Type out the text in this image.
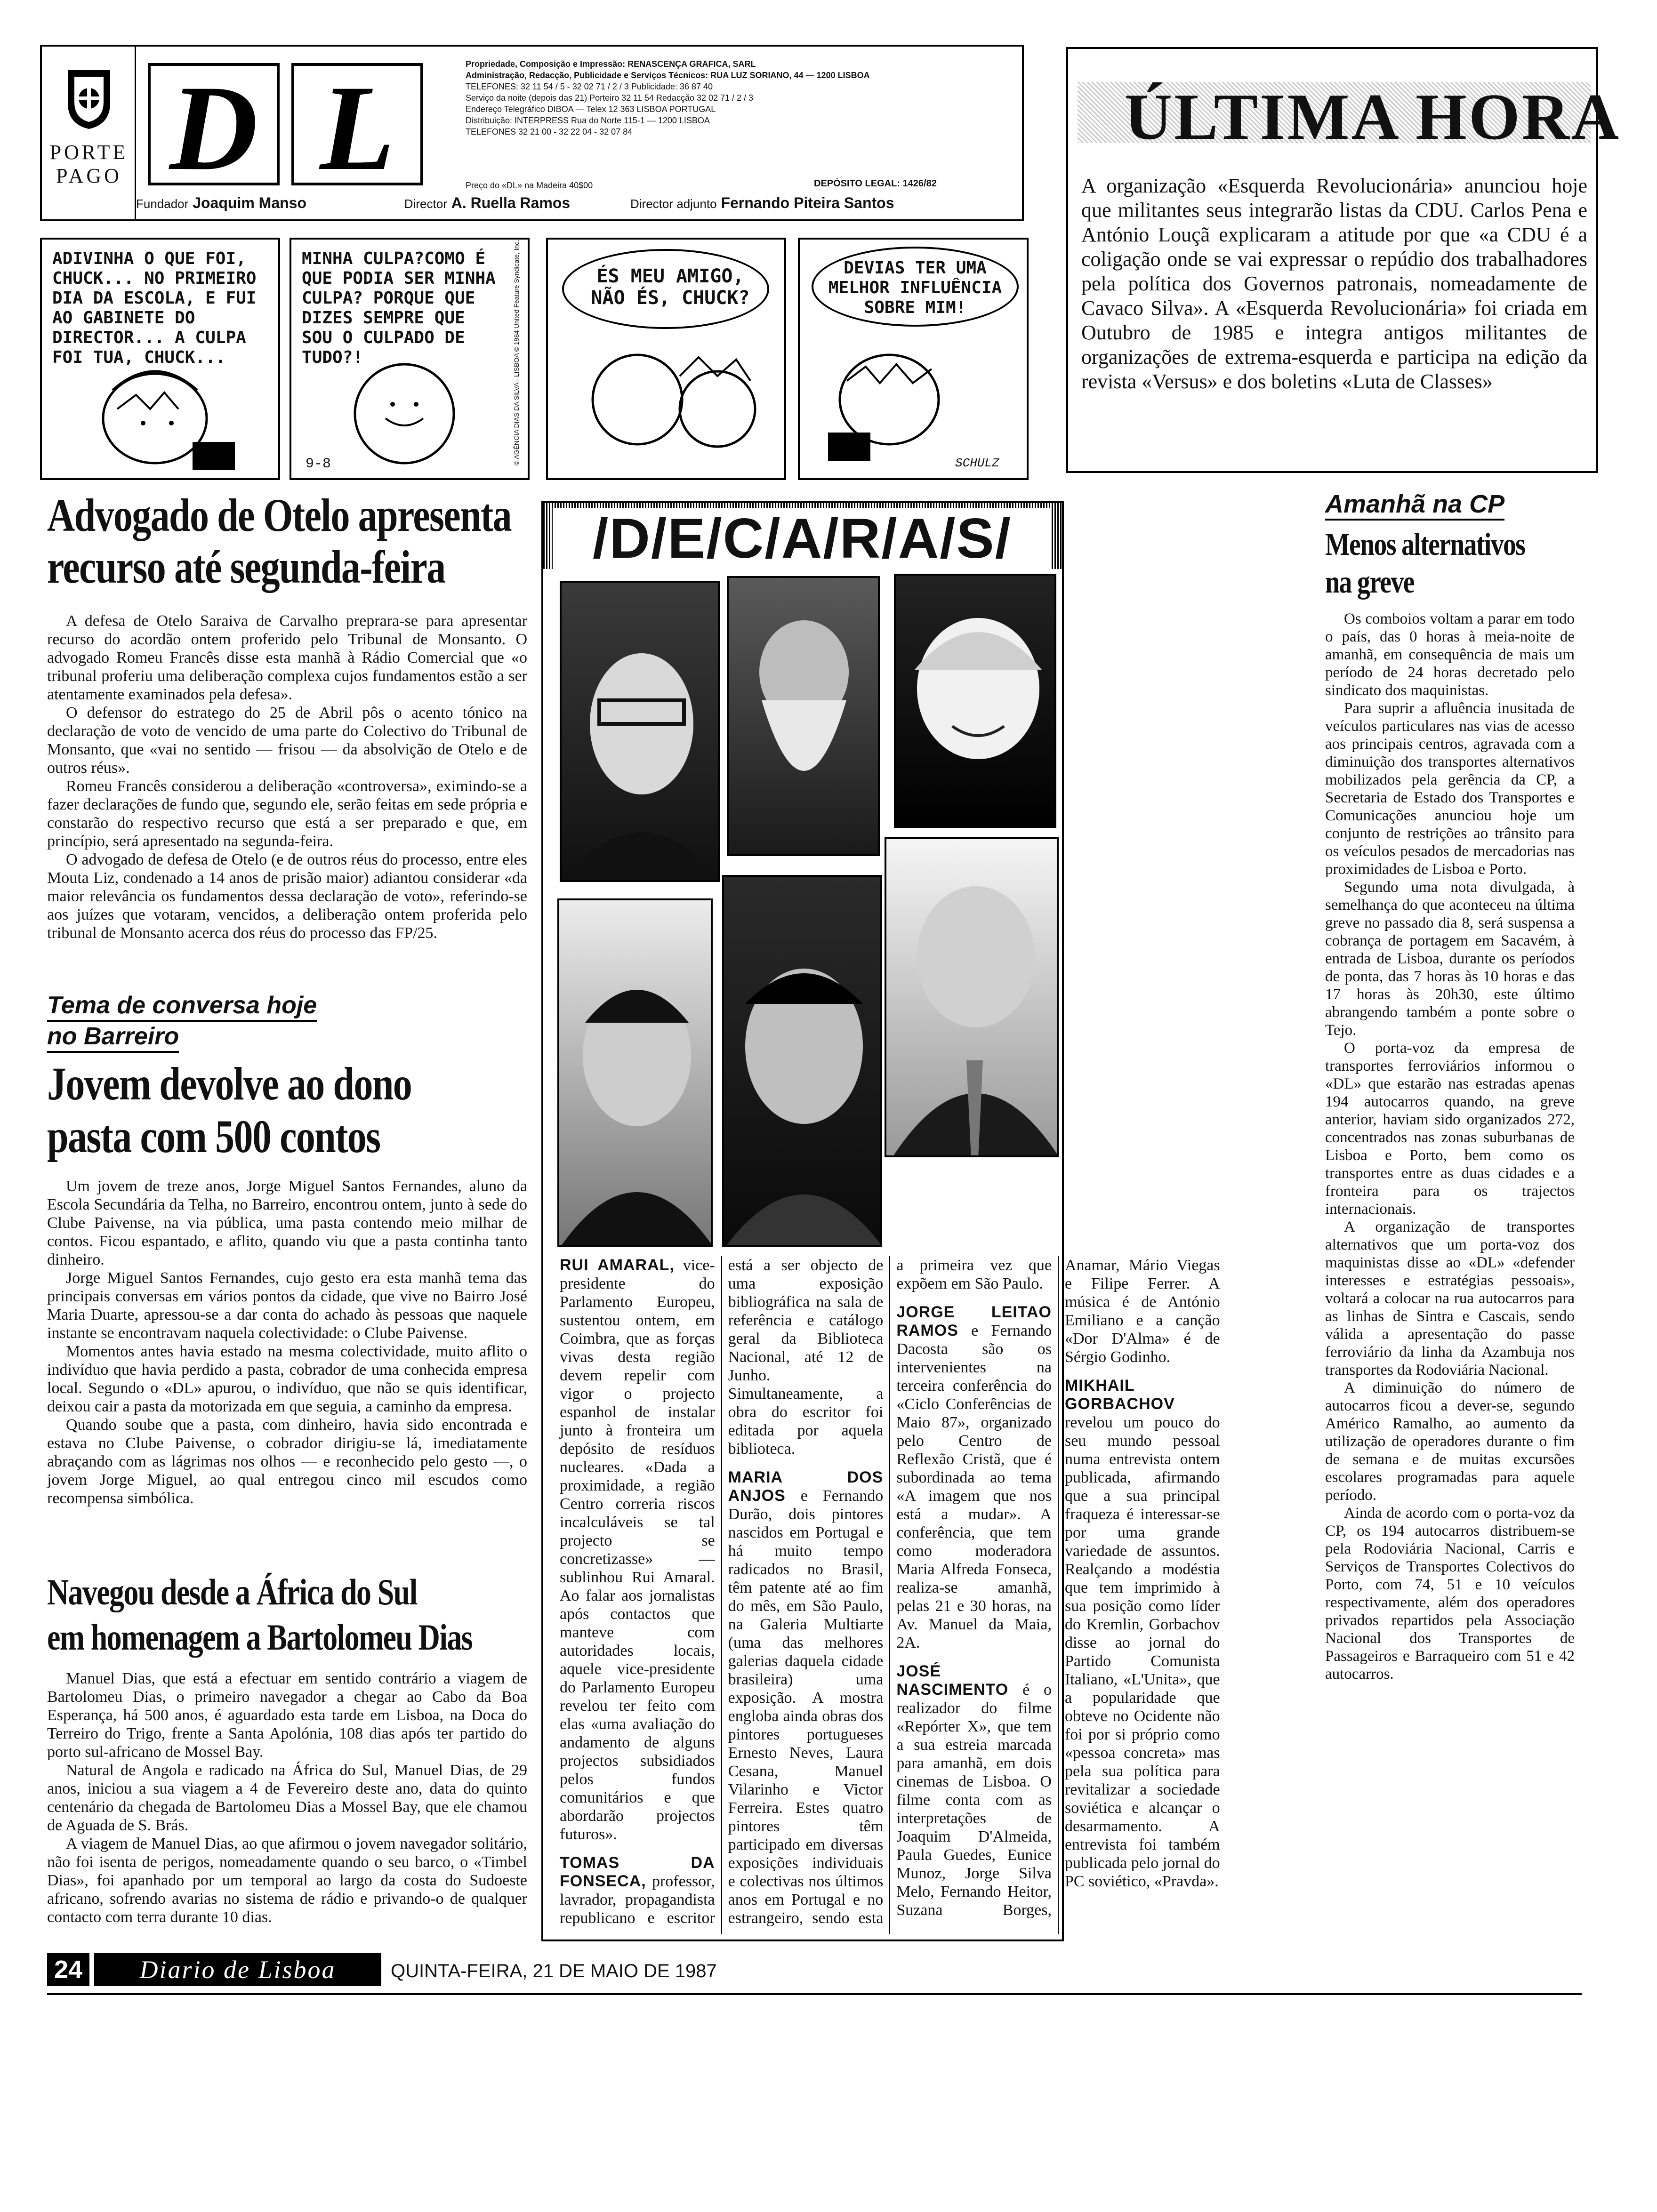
PORTE
PAGO D L	Propriedade, Composição e Impressão: RENASCENÇA GRAFICA, SARL
Administração, Redacção, Publicidade e Serviços Técnicos: RUA LUZ SORIANO, 44 — 1200 LISBOA
TELEFONES: 32 11 54 / 5 - 32 02 71 / 2 / 3 Publicidade: 36 87 40
Serviço da noite (depois das 21) Porteiro 32 11 54 Redacção 32 02 71 / 2 / 3
Endereço Telegráfico DIBOA — Telex 12 363 LISBOA PORTUGAL
Distribuição: INTERPRESS Rua do Norte 115-1 — 1200 LISBOA
TELEFONES 32 21 00 - 32 22 04 - 32 07 84
Preço do «DL» na Madeira 40$00	DEPÓSITO LEGAL: 1426/82
Fundador Joaquim Manso	Director A. Ruella Ramos	Director adjunto Fernando Piteira Santos
ÚLTIMA HORA
A organização «Esquerda Revolucionária» anunciou hoje que militantes seus integrarão listas da CDU. Carlos Pena e António Louçã explicaram a atitude por que «a CDU é a coligação onde se vai expressar o repúdio dos trabalhadores pela política dos Governos patronais, nomeadamente de Cavaco Silva». A «Esquerda Revolucionária» foi criada em Outubro de 1985 e integra antigos militantes de organizações de extrema-esquerda e participa na edição da revista «Versus» e dos boletins «Luta de Classes»
ADIVINHA O QUE FOI, CHUCK... NO PRIMEIRO DIA DA ESCOLA, E FUI AO GABINETE DO DIRECTOR... A CULPA FOI TUA, CHUCK...
MINHA CULPA?COMO É QUE PODIA SER MINHA CULPA? PORQUE QUE DIZES SEMPRE QUE SOU O CULPADO DE TUDO?!
9-8	© AGÊNCIA DIAS DA SILVA - LISBOA © 1984 United Feature Syndicate, Inc.	ÉS MEU AMIGO, NÃO ÉS, CHUCK?
DEVIAS TER UMA MELHOR INFLUÊNCIA SOBRE MIM!
SCHULZ
Advogado de Otelo apresenta
recurso até segunda-feira

A defesa de Otelo Saraiva de Carvalho preprara-se para apresentar recurso do acordão ontem proferido pelo Tribunal de Monsanto. O advogado Romeu Francês disse esta manhã à Rádio Comercial que «o tribunal proferiu uma deliberação complexa cujos fundamentos estão a ser atentamente examinados pela defesa».

O defensor do estratego do 25 de Abril pôs o acento tónico na declaração de voto de vencido de uma parte do Colectivo do Tribunal de Monsanto, que «vai no sentido — frisou — da absolvição de Otelo e de outros réus».

Romeu Francês considerou a deliberação «controversa», eximindo-se a fazer declarações de fundo que, segundo ele, serão feitas em sede própria e constarão do respectivo recurso que está a ser preparado e que, em princípio, será apresentado na segunda-feira.

O advogado de defesa de Otelo (e de outros réus do processo, entre eles Mouta Liz, condenado a 14 anos de prisão maior) adiantou considerar «da maior relevância os fundamentos dessa declaração de voto», referindo-se aos juízes que votaram, vencidos, a deliberação ontem proferida pelo tribunal de Monsanto acerca dos réus do processo das FP/25.

Tema de conversa hoje
no Barreiro
Jovem devolve ao dono
pasta com 500 contos

Um jovem de treze anos, Jorge Miguel Santos Fernandes, aluno da Escola Secundária da Telha, no Barreiro, encontrou ontem, junto à sede do Clube Paivense, na via pública, uma pasta contendo meio milhar de contos. Ficou espantado, e aflito, quando viu que a pasta continha tanto dinheiro.

Jorge Miguel Santos Fernandes, cujo gesto era esta manhã tema das principais conversas em vários pontos da cidade, que vive no Bairro José Maria Duarte, apressou-se a dar conta do achado às pessoas que naquele instante se encontravam naquela colectividade: o Clube Paivense.

Momentos antes havia estado na mesma colectividade, muito aflito o indivíduo que havia perdido a pasta, cobrador de uma conhecida empresa local. Segundo o «DL» apurou, o indivíduo, que não se quis identificar, deixou cair a pasta da motorizada em que seguia, a caminho da empresa.

Quando soube que a pasta, com dinheiro, havia sido encontrada e estava no Clube Paivense, o cobrador dirigiu-se lá, imediatamente abraçando com as lágrimas nos olhos — e reconhecido pelo gesto —, o jovem Jorge Miguel, ao qual entregou cinco mil escudos como recompensa simbólica.

Navegou desde a África do Sul
em homenagem a Bartolomeu Dias

Manuel Dias, que está a efectuar em sentido contrário a viagem de Bartolomeu Dias, o primeiro navegador a chegar ao Cabo da Boa Esperança, há 500 anos, é aguardado esta tarde em Lisboa, na Doca do Terreiro do Trigo, frente a Santa Apolónia, 108 dias após ter partido do porto sul-africano de Mossel Bay.

Natural de Angola e radicado na África do Sul, Manuel Dias, de 29 anos, iniciou a sua viagem a 4 de Fevereiro deste ano, data do quinto centenário da chegada de Bartolomeu Dias a Mossel Bay, que ele chamou de Aguada de S. Brás.

A viagem de Manuel Dias, ao que afirmou o jovem navegador solitário, não foi isenta de perigos, nomeadamente quando o seu barco, o «Timbel Dias», foi apanhado por um temporal ao largo da costa do Sudoeste africano, sofrendo avarias no sistema de rádio e privando-o de qualquer contacto com terra durante 10 dias.

/D/E/C/A/R/A/S/

RUI AMARAL, vice-presidente do Parlamento Europeu, sustentou ontem, em Coimbra, que as forças vivas desta região devem repelir com vigor o projecto espanhol de instalar junto à fronteira um depósito de resíduos nucleares. «Dada a proximidade, a região Centro correria riscos incalculáveis se tal projecto se concretizasse» — sublinhou Rui Amaral. Ao falar aos jornalistas após contactos que manteve com autoridades locais, aquele vice-presidente do Parlamento Europeu revelou ter feito com elas «uma avaliação do andamento de alguns projectos subsidiados pelos fundos comunitários e que abordarão projectos futuros».

TOMAS DA FONSECA, professor, lavrador, propagandista republicano e escritor está a ser objecto de uma exposição bibliográfica na sala de referência e catálogo geral da Biblioteca Nacional, até 12 de Junho. Simultaneamente, a obra do escritor foi editada por aquela biblioteca.

MARIA DOS ANJOS e Fernando Durão, dois pintores nascidos em Portugal e há muito tempo radicados no Brasil, têm patente até ao fim do mês, em São Paulo, na Galeria Multiarte (uma das melhores galerias daquela cidade brasileira) uma exposição. A mostra engloba ainda obras dos pintores portugueses Ernesto Neves, Laura Cesana, Manuel Vilarinho e Victor Ferreira. Estes quatro pintores têm participado em diversas exposições individuais e colectivas nos últimos anos em Portugal e no estrangeiro, sendo esta a primeira vez que expõem em São Paulo.

JORGE LEITAO RAMOS e Fernando Dacosta são os intervenientes na terceira conferência do «Ciclo Conferências de Maio 87», organizado pelo Centro de Reflexão Cristã, que é subordinada ao tema «A imagem que nos está a mudar». A conferência, que tem como moderadora Maria Alfreda Fonseca, realiza-se amanhã, pelas 21 e 30 horas, na Av. Manuel da Maia, 2A.

JOSÉ NASCIMENTO é o realizador do filme «Repórter X», que tem a sua estreia marcada para amanhã, em dois cinemas de Lisboa. O filme conta com as interpretações de Joaquim D'Almeida, Paula Guedes, Eunice Munoz, Jorge Silva Melo, Fernando Heitor, Suzana Borges, Anamar, Mário Viegas e Filipe Ferrer. A música é de António Emiliano e a canção «Dor D'Alma» é de Sérgio Godinho.

MIKHAIL GORBACHOV revelou um pouco do seu mundo pessoal numa entrevista ontem publicada, afirmando que a sua principal fraqueza é interessar-se por uma grande variedade de assuntos. Realçando a modéstia que tem imprimido à sua posição como líder do Kremlin, Gorbachov disse ao jornal do Partido Comunista Italiano, «L'Unita», que a popularidade que obteve no Ocidente não foi por si próprio como «pessoa concreta» mas pela sua política para revitalizar a sociedade soviética e alcançar o desarmamento. A entrevista foi também publicada pelo jornal do PC soviético, «Pravda».

Amanhã na CP
Menos alternativos
na greve

Os comboios voltam a parar em todo o país, das 0 horas à meia-noite de amanhã, em consequência de mais um período de 24 horas decretado pelo sindicato dos maquinistas.

Para suprir a afluência inusitada de veículos particulares nas vias de acesso aos principais centros, agravada com a diminuição dos transportes alternativos mobilizados pela gerência da CP, a Secretaria de Estado dos Transportes e Comunicações anunciou hoje um conjunto de restrições ao trânsito para os veículos pesados de mercadorias nas proximidades de Lisboa e Porto.

Segundo uma nota divulgada, à semelhança do que aconteceu na última greve no passado dia 8, será suspensa a cobrança de portagem em Sacavém, à entrada de Lisboa, durante os períodos de ponta, das 7 horas às 10 horas e das 17 horas às 20h30, este último abrangendo também a ponte sobre o Tejo.

O porta-voz da empresa de transportes ferroviários informou o «DL» que estarão nas estradas apenas 194 autocarros quando, na greve anterior, haviam sido organizados 272, concentrados nas zonas suburbanas de Lisboa e Porto, bem como os transportes entre as duas cidades e a fronteira para os trajectos internacionais.

A organização de transportes alternativos que um porta-voz dos maquinistas disse ao «DL» «defender interesses e estratégias pessoais», voltará a colocar na rua autocarros para as linhas de Sintra e Cascais, sendo válida a apresentação do passe ferroviário da linha da Azambuja nos transportes da Rodoviária Nacional.

A diminuição do número de autocarros ficou a dever-se, segundo Américo Ramalho, ao aumento da utilização de operadores durante o fim de semana e de muitas excursões escolares programadas para aquele período.

Ainda de acordo com o porta-voz da CP, os 194 autocarros distribuem-se pela Rodoviária Nacional, Carris e Serviços de Transportes Colectivos do Porto, com 74, 51 e 10 veículos respectivamente, além dos operadores privados repartidos pela Associação Nacional dos Transportes de Passageiros e Barraqueiro com 51 e 42 autocarros.

24	Diario de Lisboa	QUINTA-FEIRA, 21 DE MAIO DE 1987
